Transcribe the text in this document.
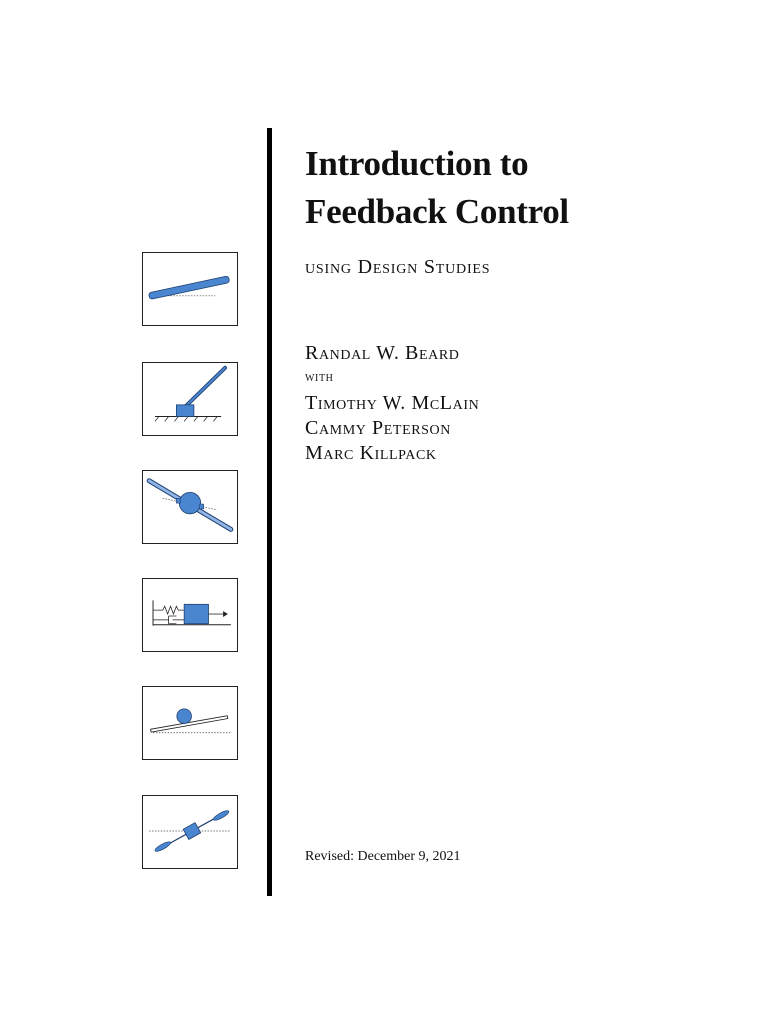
Introduction to
Feedback Control
using Design Studies
Randal W. Beard
with
Timothy W. McLain
Cammy Peterson
Marc Killpack
Revised: December 9, 2021
